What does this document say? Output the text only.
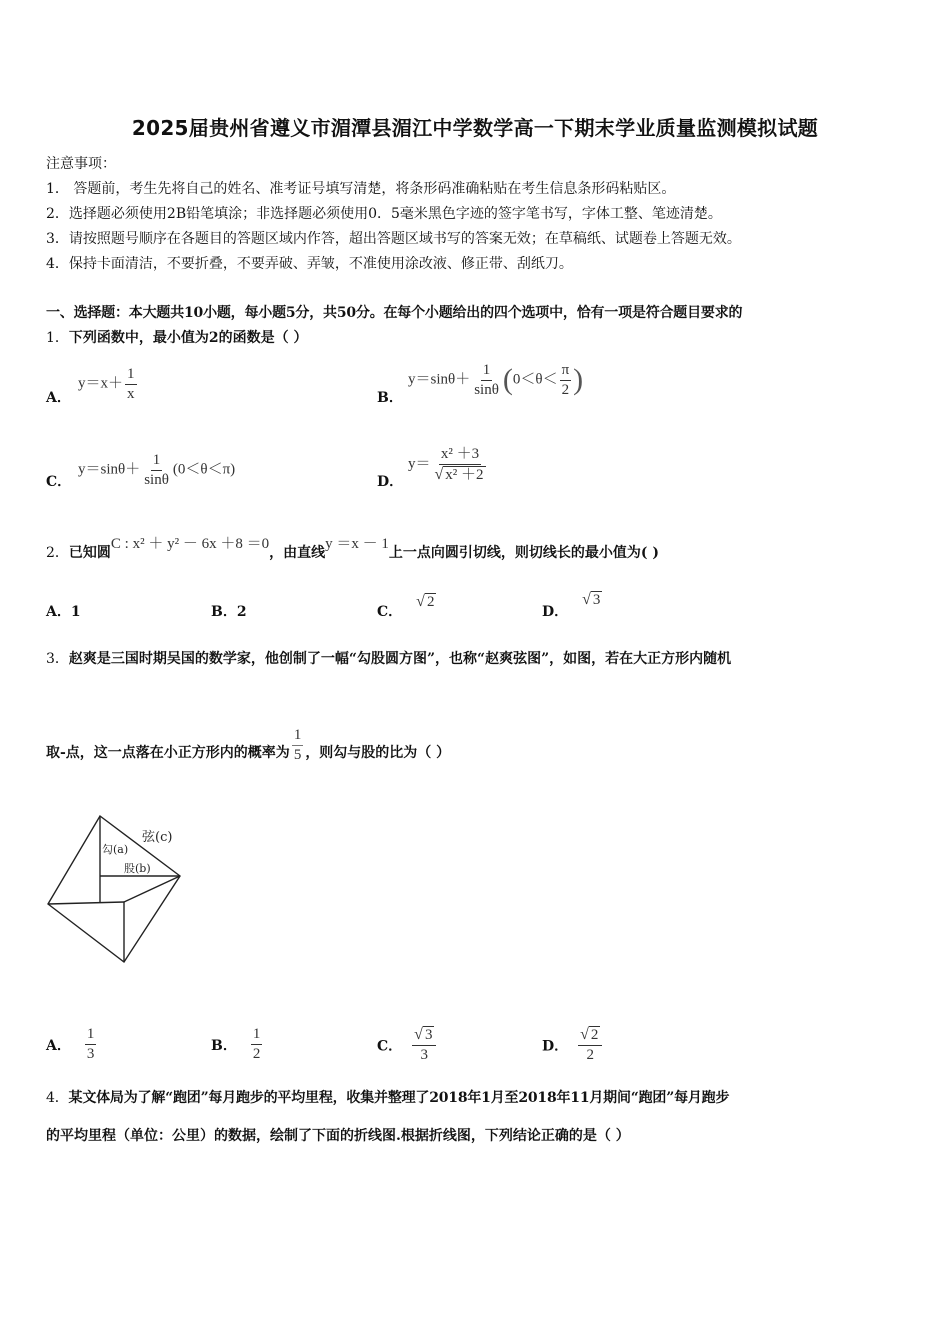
2025届贵州省遵义市湄潭县湄江中学数学高一下期末学业质量监测模拟试题
注意事项：
1． 答题前，考生先将自己的姓名、准考证号填写清楚，将条形码准确粘贴在考生信息条形码粘贴区。
2．选择题必须使用2B铅笔填涂；非选择题必须使用0．5毫米黑色字迹的签字笔书写，字体工整、笔迹清楚。
3．请按照题号顺序在各题目的答题区域内作答，超出答题区域书写的答案无效；在草稿纸、试题卷上答题无效。
4．保持卡面清洁，不要折叠，不要弄破、弄皱，不准使用涂改液、修正带、刮纸刀。
一、选择题：本大题共10小题，每小题5分，共50分。在每个小题给出的四个选项中，恰有一项是符合题目要求的
1．下列函数中，最小值为2的函数是（ ）
A．
$y=x+ \frac{1}{x}$	B．
$y=\sin\theta+ \frac{1}{\sin\theta} (0<\theta< \frac{\pi}{2}$ )
C．
$y=\sin\theta+ \frac{1}{\sin\theta} (0<\theta<\pi)$
D．
$y= \frac{\text{x² ＋3}}{\text{√ x² ＋2}}$
2．已知圆C : x² ＋ y² － 6x ＋8 ＝0，由直线y ＝x － 1上一点向圆引切线，则切线长的最小值为( )
A．1	B．2	C．
√ 2
D．
√ 3
3．赵爽是三国时期吴国的数学家，他创制了一幅“勾股圆方图”，也称“赵爽弦图”，如图，若在大正方形内随机
取-点，这一点落在小正方形内的概率为 $\frac{1}{5}$ ，则勾与股的比为（ ）
弦(c)
勾(a)
股(b)
A． $\frac{1}{3}$	B． $\frac{1}{2}$	C． $\frac{√ 3}{3}$	D． $\frac{√ 2}{2}$
4．某文体局为了解“跑团”每月跑步的平均里程，收集并整理了2018年1月至2018年11月期间“跑团”每月跑步
的平均里程（单位：公里）的数据，绘制了下面的折线图.根据折线图，下列结论正确的是（ ）
